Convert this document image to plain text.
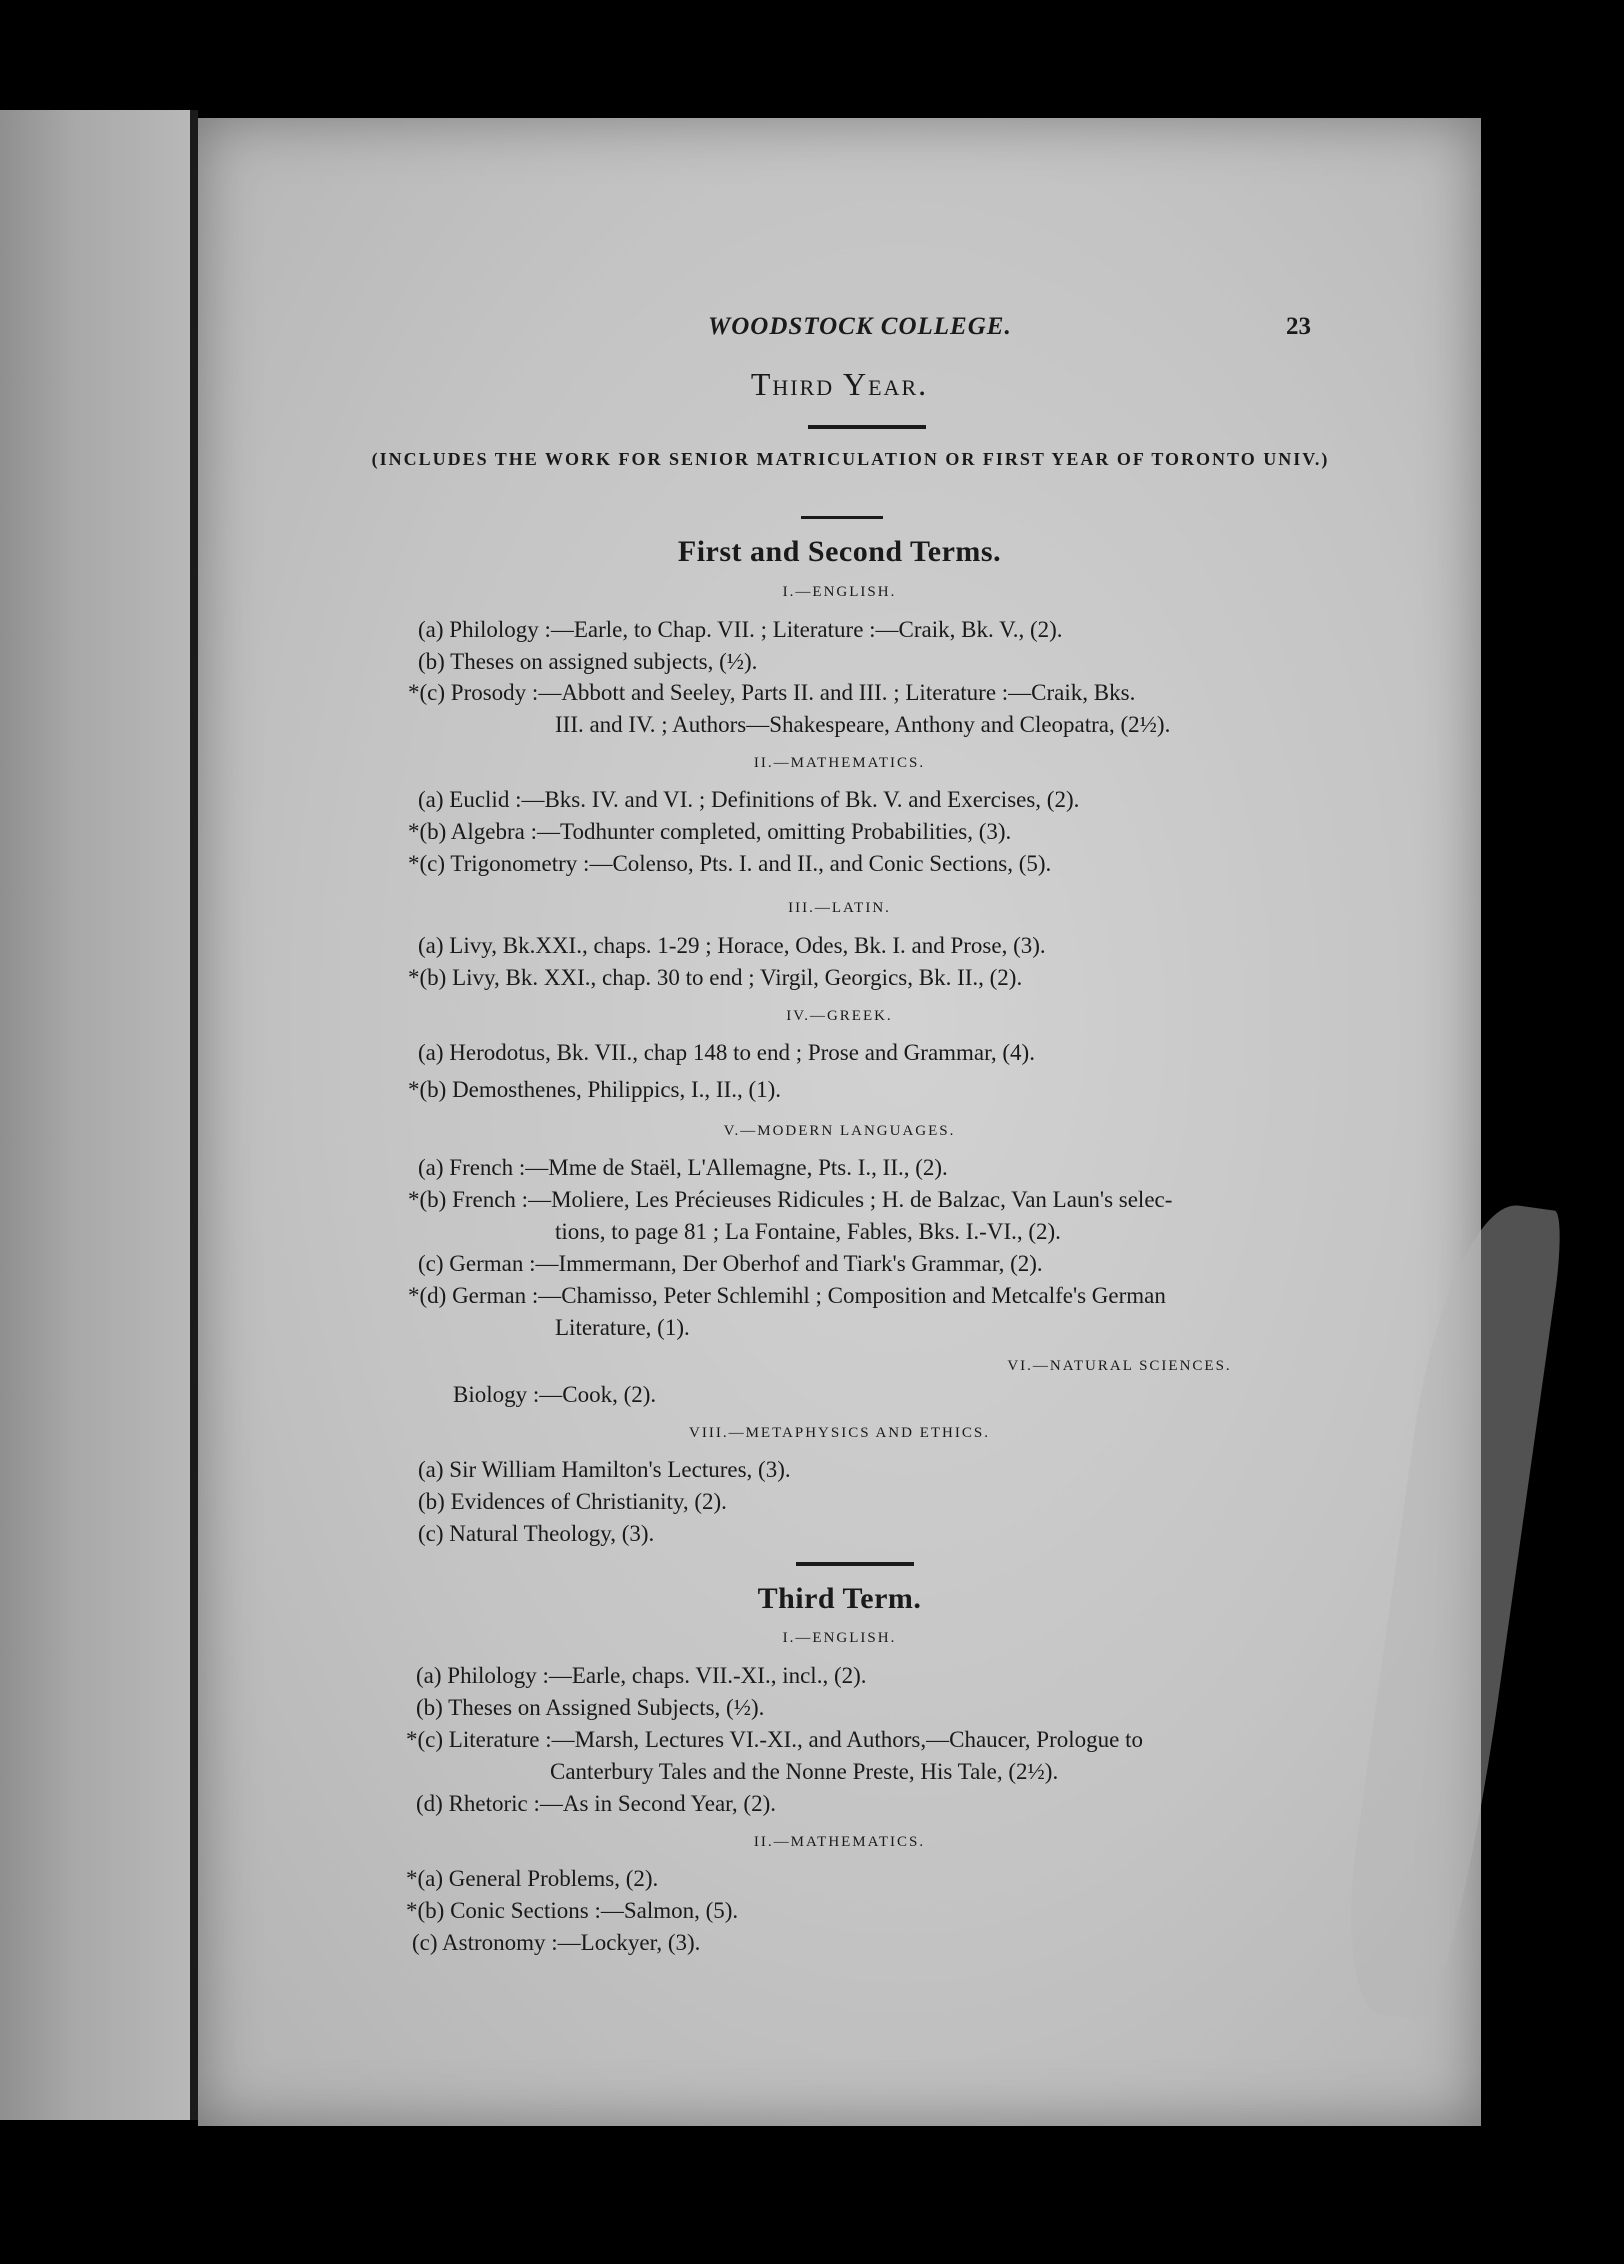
WOODSTOCK COLLEGE.	23
Third Year.
(INCLUDES THE WORK FOR SENIOR MATRICULATION OR FIRST YEAR OF TORONTO UNIV.)
First and Second Terms.
I.—ENGLISH.
(a) Philology :—Earle, to Chap. VII. ; Literature :—Craik, Bk. V., (2).
(b) Theses on assigned subjects, (½).
*(c) Prosody :—Abbott and Seeley, Parts II. and III. ; Literature :—Craik, Bks.
III. and IV. ; Authors—Shakespeare, Anthony and Cleopatra, (2½).
II.—MATHEMATICS.
(a) Euclid :—Bks. IV. and VI. ; Definitions of Bk. V. and Exercises, (2).
*(b) Algebra :—Todhunter completed, omitting Probabilities, (3).
*(c) Trigonometry :—Colenso, Pts. I. and II., and Conic Sections, (5).
III.—LATIN.
(a) Livy, Bk.XXI., chaps. 1-29 ; Horace, Odes, Bk. I. and Prose, (3).
*(b) Livy, Bk. XXI., chap. 30 to end ; Virgil, Georgics, Bk. II., (2).
IV.—GREEK.
(a) Herodotus, Bk. VII., chap 148 to end ; Prose and Grammar, (4).
*(b) Demosthenes, Philippics, I., II., (1).
V.—MODERN LANGUAGES.
(a) French :—Mme de Staël, L'Allemagne, Pts. I., II., (2).
*(b) French :—Moliere, Les Précieuses Ridicules ; H. de Balzac, Van Laun's selec-
tions, to page 81 ; La Fontaine, Fables, Bks. I.-VI., (2).
(c) German :—Immermann, Der Oberhof and Tiark's Grammar, (2).
*(d) German :—Chamisso, Peter Schlemihl ; Composition and Metcalfe's German
Literature, (1).
VI.—NATURAL SCIENCES.
Biology :—Cook, (2).
VIII.—METAPHYSICS AND ETHICS.
(a) Sir William Hamilton's Lectures, (3).
(b) Evidences of Christianity, (2).
(c) Natural Theology, (3).
Third Term.
I.—ENGLISH.
(a) Philology :—Earle, chaps. VII.-XI., incl., (2).
(b) Theses on Assigned Subjects, (½).
*(c) Literature :—Marsh, Lectures VI.-XI., and Authors,—Chaucer, Prologue to
Canterbury Tales and the Nonne Preste, His Tale, (2½).
(d) Rhetoric :—As in Second Year, (2).
II.—MATHEMATICS.
*(a) General Problems, (2).
*(b) Conic Sections :—Salmon, (5).
(c) Astronomy :—Lockyer, (3).
